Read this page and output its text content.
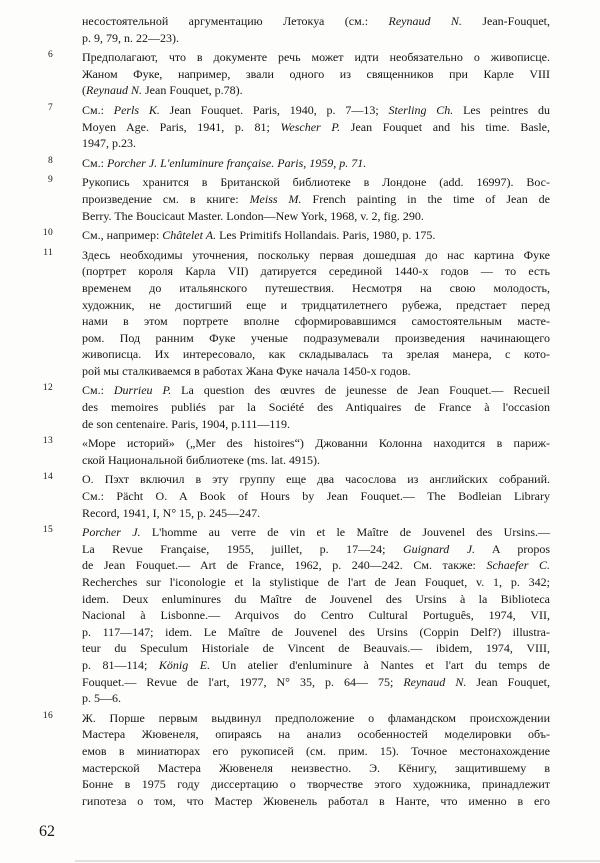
несостоятельной аргументацию Летокуа (см.: Reynaud N. Jean-Fouquet,
p. 9, 79, n. 22—23).
6 Предполагают, что в документе речь может идти необязательно о живописце.
Жаном Фуке, например, звали одного из священников при Карле VIII
(Reynaud N. Jean Fouquet, p.78).
7 См.: Perls K. Jean Fouquet. Paris, 1940, p. 7—13; Sterling Ch. Les peintres du
Moyen Age. Paris, 1941, p. 81; Wescher P. Jean Fouquet and his time. Basle,
1947, p.23.
8 См.: Porcher J. L'enluminure française. Paris, 1959, p. 71.
9 Рукопись хранится в Британской библиотеке в Лондоне (add. 16997). Вос-
произведение см. в книге: Meiss M. French painting in the time of Jean de
Berry. The Boucicaut Master. London—New York, 1968, v. 2, fig. 290.
10 См., например: Châtelet A. Les Primitifs Hollandais. Paris, 1980, p. 175.
11 Здесь необходимы уточнения, поскольку первая дошедшая до нас картина Фуке
(портрет короля Карла VII) датируется серединой 1440-х годов — то есть
временем до итальянского путешествия. Несмотря на свою молодость,
художник, не достигший еще и тридцатилетнего рубежа, предстает перед
нами в этом портрете вполне сформировавшимся самостоятельным масте-
ром. Под ранним Фуке ученые подразумевали произведения начинающего
живописца. Их интересовало, как складывалась та зрелая манера, с кото-
рой мы сталкиваемся в работах Жана Фуке начала 1450-х годов.
12 См.: Durrieu P. La question des œuvres de jeunesse de Jean Fouquet.— Recueil
des memoires publiés par la Société des Antiquaires de France à l'occasion
de son centenaire. Paris, 1904, p.111—119.
13 «Море историй» („Mer des histoires“) Джованни Колонна находится в париж-
ской Национальной библиотеке (ms. lat. 4915).
14 О. Пэхт включил в эту группу еще два часослова из английских собраний.
См.: Pächt O. A Book of Hours by Jean Fouquet.— The Bodleian Library
Record, 1941, I, N° 15, p. 245—247.
15 Porcher J. L'homme au verre de vin et le Maître de Jouvenel des Ursins.—
La Revue Française, 1955, juillet, p. 17—24; Guignard J. A propos
de Jean Fouquet.— Art de France, 1962, p. 240—242. См. также: Schaefer C.
Recherches sur l'iconologie et la stylistique de l'art de Jean Fouquet, v. 1, p. 342;
idem. Deux enluminures du Maître de Jouvenel des Ursins à la Biblioteca
Nacional à Lisbonne.— Arquivos do Centro Cultural Português, 1974, VII,
p. 117—147; idem. Le Maître de Jouvenel des Ursins (Coppin Delf?) illustra-
teur du Speculum Historiale de Vincent de Beauvais.— ibidem, 1974, VIII,
p. 81—114; König E. Un atelier d'enluminure à Nantes et l'art du temps de
Fouquet.— Revue de l'art, 1977, N° 35, p. 64— 75; Reynaud N. Jean Fouquet,
p. 5—6.
16 Ж. Порше первым выдвинул предположение о фламандском происхождении
Мастера Жювенеля, опираясь на анализ особенностей моделировки объ-
емов в миниатюрах его рукописей (см. прим. 15). Точное местонахождение
мастерской Мастера Жювенеля неизвестно. Э. Кёнигу, защитившему в
Бонне в 1975 году диссертацию о творчестве этого художника, принадлежит
гипотеза о том, что Мастер Жювенель работал в Нанте, что именно в его
62
